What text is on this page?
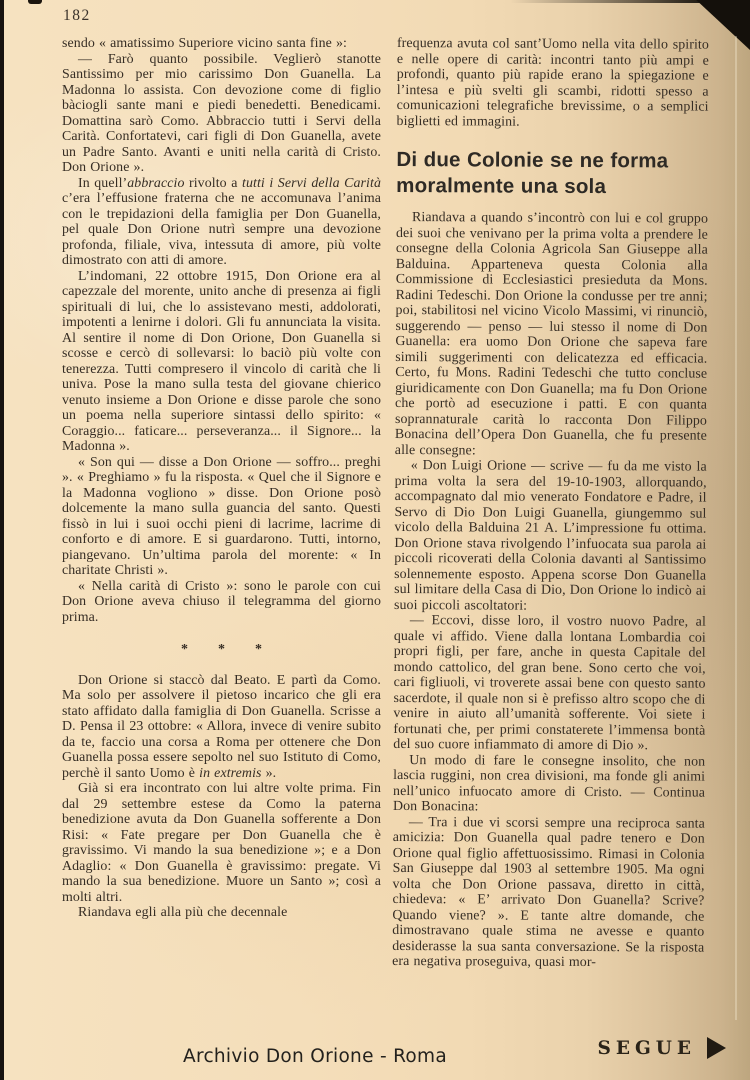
182

sendo « amatissimo Superiore vicino santa fine »:

— Farò quanto possibile. Veglierò stanotte Santissimo per mio carissimo Don Guanella. La Madonna lo assista. Con devozione come di figlio bàciogli sante mani e piedi benedetti. Benedicami. Domattina sarò Como. Abbraccio tutti i Servi della Carità. Confortatevi, cari figli di Don Guanella, avete un Padre Santo. Avanti e uniti nella carità di Cristo. Don Orione ».

In quell’abbraccio rivolto a tutti i Servi della Carità c’era l’effusione fraterna che ne accomunava l’anima con le trepidazioni della famiglia per Don Guanella, pel quale Don Orione nutrì sempre una devozione profonda, filiale, viva, intessuta di amore, più volte dimostrato con atti di amore.

L’indomani, 22 ottobre 1915, Don Orione era al capezzale del morente, unito anche di presenza ai figli spirituali di lui, che lo assistevano mesti, addolorati, impotenti a lenirne i dolori. Gli fu annunciata la visita. Al sentire il nome di Don Orione, Don Guanella si scosse e cercò di sollevarsi: lo baciò più volte con tenerezza. Tutti compresero il vincolo di carità che li univa. Pose la mano sulla testa del giovane chierico venuto insieme a Don Orione e disse parole che sono un poema nella superiore sintassi dello spirito: « Coraggio... faticare... perseveranza... il Signore... la Madonna ».

« Son qui — disse a Don Orione — soffro... preghi ». « Preghiamo » fu la risposta. « Quel che il Signore e la Madonna vogliono » disse. Don Orione posò dolcemente la mano sulla guancia del santo. Questi fissò in lui i suoi occhi pieni di lacrime, lacrime di conforto e di amore. E si guardarono. Tutti, intorno, piangevano. Un’ultima parola del morente: « In charitate Christi ».

« Nella carità di Cristo »: sono le parole con cui Don Orione aveva chiuso il telegramma del giorno prima.

* * *

Don Orione si staccò dal Beato. E partì da Como. Ma solo per assolvere il pietoso incarico che gli era stato affidato dalla famiglia di Don Guanella. Scrisse a D. Pensa il 23 ottobre: « Allora, invece di venire subito da te, faccio una corsa a Roma per ottenere che Don Guanella possa essere sepolto nel suo Istituto di Como, perchè il santo Uomo è in extremis ».

Già si era incontrato con lui altre volte prima. Fin dal 29 settembre estese da Como la paterna benedizione avuta da Don Guanella sofferente a Don Risi: « Fate pregare per Don Guanella che è gravissimo. Vi mando la sua benedizione »; e a Don Adaglio: « Don Guanella è gravissimo: pregate. Vi mando la sua benedizione. Muore un Santo »; così a molti altri.

Riandava egli alla più che decennale

frequenza avuta col sant’Uomo nella vita dello spirito e nelle opere di carità: incontri tanto più ampi e profondi, quanto più rapide erano la spiegazione e l’intesa e più svelti gli scambi, ridotti spesso a comunicazioni telegrafiche brevissime, o a semplici biglietti ed immagini.

Di due Colonie se ne forma moralmente una sola

Riandava a quando s’incontrò con lui e col gruppo dei suoi che venivano per la prima volta a prendere le consegne della Colonia Agricola San Giuseppe alla Balduina. Apparteneva questa Colonia alla Commissione di Ecclesiastici presieduta da Mons. Radini Tedeschi. Don Orione la condusse per tre anni; poi, stabilitosi nel vicino Vicolo Massimi, vi rinunciò, suggerendo — penso — lui stesso il nome di Don Guanella: era uomo Don Orione che sapeva fare simili suggerimenti con delicatezza ed efficacia. Certo, fu Mons. Radini Tedeschi che tutto concluse giuridicamente con Don Guanella; ma fu Don Orione che portò ad esecuzione i patti. E con quanta soprannaturale carità lo racconta Don Filippo Bonacina dell’Opera Don Guanella, che fu presente alle consegne:

« Don Luigi Orione — scrive — fu da me visto la prima volta la sera del 19-10-1903, allorquando, accompagnato dal mio venerato Fondatore e Padre, il Servo di Dio Don Luigi Guanella, giungemmo sul vicolo della Balduina 21 A. L’impressione fu ottima. Don Orione stava rivolgendo l’infuocata sua parola ai piccoli ricoverati della Colonia davanti al Santissimo solennemente esposto. Appena scorse Don Guanella sul limitare della Casa di Dio, Don Orione lo indicò ai suoi piccoli ascoltatori:

— Eccovi, disse loro, il vostro nuovo Padre, al quale vi affido. Viene dalla lontana Lombardia coi propri figli, per fare, anche in questa Capitale del mondo cattolico, del gran bene. Sono certo che voi, cari figliuoli, vi troverete assai bene con questo santo sacerdote, il quale non si è prefisso altro scopo che di venire in aiuto all’umanità sofferente. Voi siete i fortunati che, per primi constaterete l’immensa bontà del suo cuore infiammato di amore di Dio ».

Un modo di fare le consegne insolito, che non lascia ruggini, non crea divisioni, ma fonde gli animi nell’unico infuocato amore di Cristo. — Continua Don Bonacina:

— Tra i due vi scorsi sempre una reciproca santa amicizia: Don Guanella qual padre tenero e Don Orione qual figlio affettuosissimo. Rimasi in Colonia San Giuseppe dal 1903 al settembre 1905. Ma ogni volta che Don Orione passava, diretto in città, chiedeva: « E’ arrivato Don Guanella? Scrive? Quando viene? ». E tante altre domande, che dimostravano quale stima ne avesse e quanto desiderasse la sua santa conversazione. Se la risposta era negativa proseguiva, quasi mor-

SEGUE
Archivio Don Orione - Roma
